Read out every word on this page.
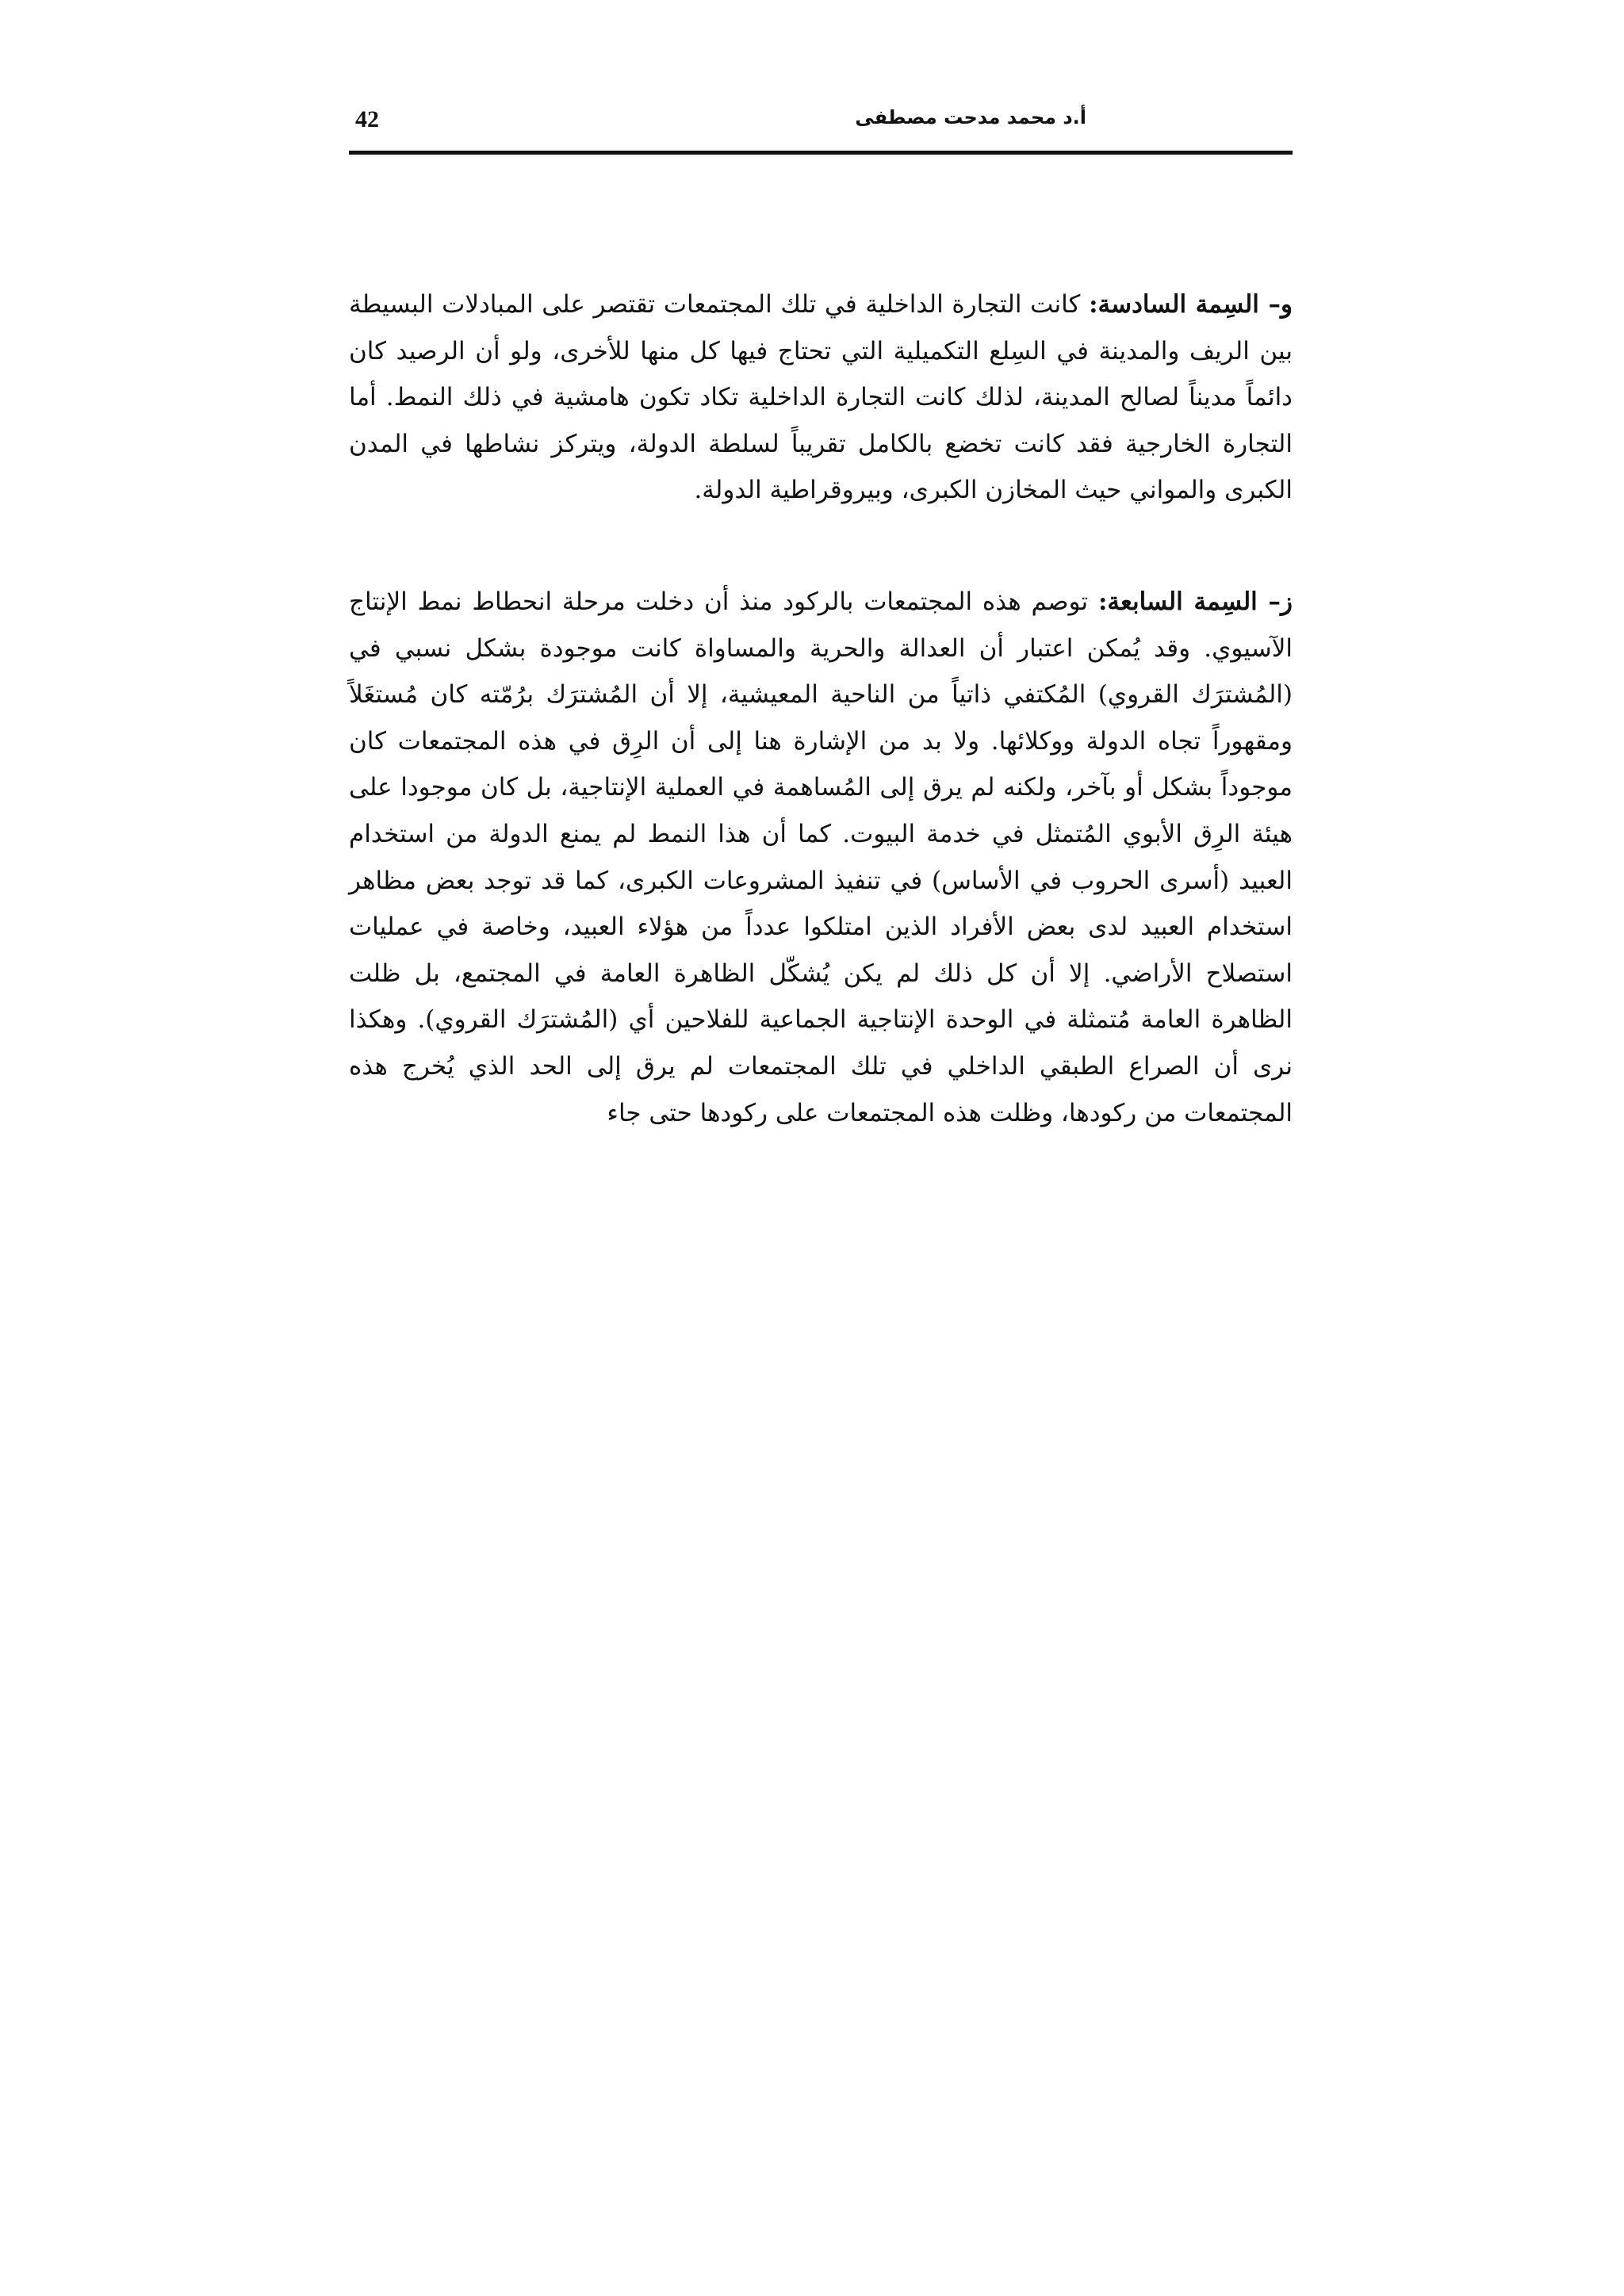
42	أ.د محمد مدحت مصطفى

و– السِمة السادسة: كانت التجارة الداخلية في تلك المجتمعات تقتصر على المبادلات البسيطة بين الريف والمدينة في السِلع التكميلية التي تحتاج فيها كل منها للأخرى، ولو أن الرصيد كان دائماً مديناً لصالح المدينة، لذلك كانت التجارة الداخلية تكاد تكون هامشية في ذلك النمط. أما التجارة الخارجية فقد كانت تخضع بالكامل تقريباً لسلطة الدولة، ويتركز نشاطها في المدن الكبرى والمواني حيث المخازن الكبرى، وبيروقراطية الدولة.

ز– السِمة السابعة: توصم هذه المجتمعات بالركود منذ أن دخلت مرحلة انحطاط نمط الإنتاج الآسيوي. وقد يُمكن اعتبار أن العدالة والحرية والمساواة كانت موجودة بشكل نسبي في (المُشترَك القروي) المُكتفي ذاتياً من الناحية المعيشية، إلا أن المُشترَك برُمّته كان مُستغَلاً ومقهوراً تجاه الدولة ووكلائها. ولا بد من الإشارة هنا إلى أن الرِق في هذه المجتمعات كان موجوداً بشكل أو بآخر، ولكنه لم يرق إلى المُساهمة في العملية الإنتاجية، بل كان موجودا على هيئة الرِق الأبوي المُتمثل في خدمة البيوت. كما أن هذا النمط لم يمنع الدولة من استخدام العبيد (أسرى الحروب في الأساس) في تنفيذ المشروعات الكبرى، كما قد توجد بعض مظاهر استخدام العبيد لدى بعض الأفراد الذين امتلكوا عدداً من هؤلاء العبيد، وخاصة في عمليات استصلاح الأراضي. إلا أن كل ذلك لم يكن يُشكّل الظاهرة العامة في المجتمع، بل ظلت الظاهرة العامة مُتمثلة في الوحدة الإنتاجية الجماعية للفلاحين أي (المُشترَك القروي). وهكذا نرى أن الصراع الطبقي الداخلي في تلك المجتمعات لم يرق إلى الحد الذي يُخرج هذه المجتمعات من ركودها، وظلت هذه المجتمعات على ركودها حتى جاء
